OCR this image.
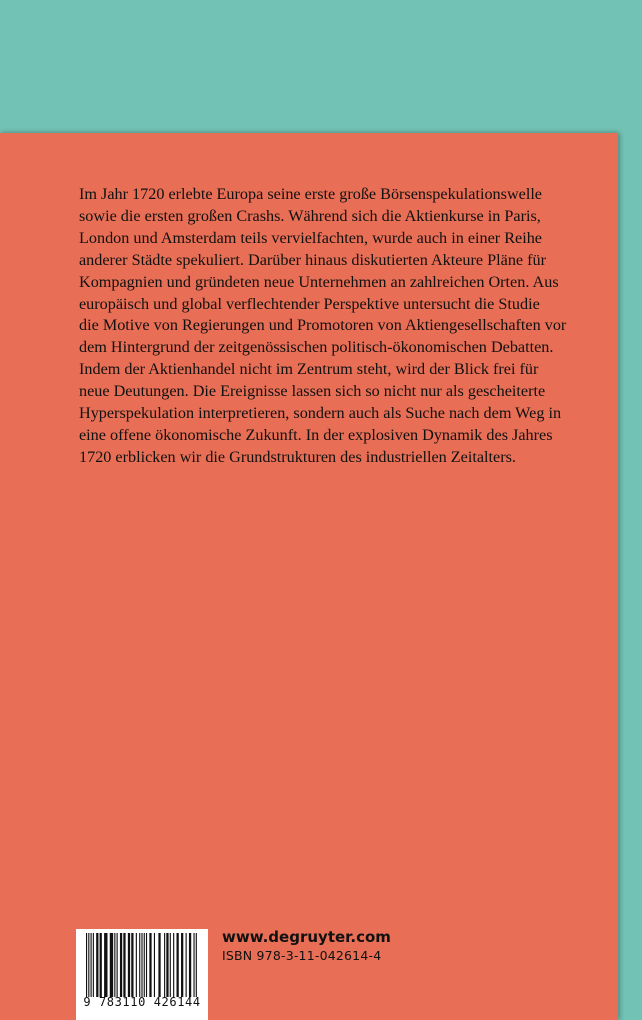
Im Jahr 1720 erlebte Europa seine erste große Börsenspekulationswelle
sowie die ersten großen Crashs. Während sich die Aktienkurse in Paris,
London und Amsterdam teils vervielfachten, wurde auch in einer Reihe
anderer Städte spekuliert. Darüber hinaus diskutierten Akteure Pläne für
Kompagnien und gründeten neue Unternehmen an zahlreichen Orten. Aus
europäisch und global verflechtender Perspektive untersucht die Studie
die Motive von Regierungen und Promotoren von Aktiengesellschaften vor
dem Hintergrund der zeitgenössischen politisch-ökonomischen Debatten.
Indem der Aktienhandel nicht im Zentrum steht, wird der Blick frei für
neue Deutungen. Die Ereignisse lassen sich so nicht nur als gescheiterte
Hyperspekulation interpretieren, sondern auch als Suche nach dem Weg in
eine offene ökonomische Zukunft. In der explosiven Dynamik des Jahres
1720 erblicken wir die Grundstrukturen des industriellen Zeitalters.

9 783110 426144
www.degruyter.com
ISBN 978-3-11-042614-4
